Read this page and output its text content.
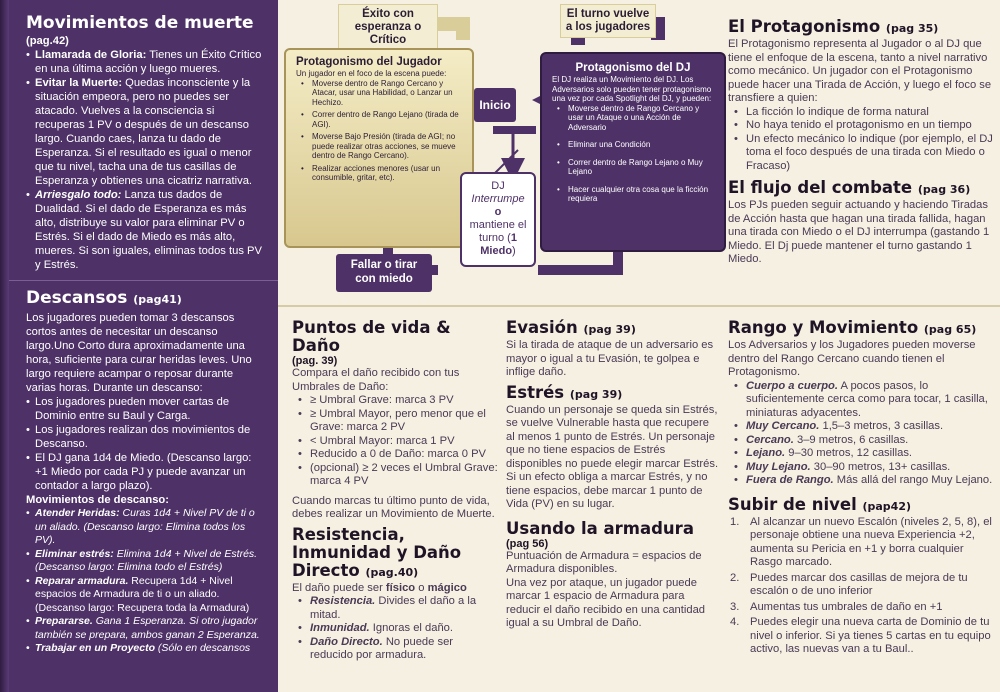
Movimientos de muerte
(pag.42)
• Llamarada de Gloria: Tienes un Éxito Crítico en una última acción y luego mueres.
• Evitar la Muerte: Quedas inconsciente y la situación empeora, pero no puedes ser atacado. Vuelves a la consciencia si recuperas 1 PV o después de un descanso largo. Cuando caes, lanza tu dado de Esperanza. Si el resultado es igual o menor que tu nivel, tacha una de tus casillas de Esperanza y obtienes una cicatriz narrativa.
• Arriesgalo todo: Lanza tus dados de Dualidad. Si el dado de Esperanza es más alto, distribuye su valor para eliminar PV o Estrés. Si el dado de Miedo es más alto, mueres. Si son iguales, eliminas todos tus PV y Estrés.
Descansos (pag41)
Los jugadores pueden tomar 3 descansos cortos antes de necesitar un descanso largo.Uno Corto dura aproximadamente una hora, suficiente para curar heridas leves. Uno largo requiere acampar o reposar durante varias horas. Durante un descanso:
• Los jugadores pueden mover cartas de Dominio entre su Baul y Carga.
• Los jugadores realizan dos movimientos de Descanso.
• El DJ gana 1d4 de Miedo. (Descanso largo: +1 Miedo por cada PJ y puede avanzar un contador a largo plazo).
Movimientos de descanso:
• Atender Heridas: Curas 1d4 + Nivel PV de ti o un aliado. (Descanso largo: Elimina todos los PV).
• Eliminar estrés: Elimina 1d4 + Nivel de Estrés. (Descanso largo: Elimina todo el Estrés)
• Reparar armadura. Recupera 1d4 + Nivel espacios de Armadura de ti o un aliado. (Descanso largo: Recupera toda la Armadura)
• Prepararse. Gana 1 Esperanza. Si otro jugador también se prepara, ambos ganan 2 Esperanza.
• Trabajar en un Proyecto (Sólo en descansos
Éxito con esperanza o Crítico
El turno vuelve a los jugadores
Protagonismo del Jugador
Un jugador en el foco de la escena puede:
• Moverse dentro de Rango Cercano y Atacar, usar una Habilidad, o Lanzar un Hechizo.
• Correr dentro de Rango Lejano (tirada de AGI).
• Moverse Bajo Presión (tirada de AGI; no puede realizar otras acciones, se mueve dentro de Rango Cercano).
• Realizar acciones menores (usar un consumible, gritar, etc).
Inicio
DJ
Interrumpe
o
mantiene el turno (1 Miedo)
Protagonismo del DJ
El DJ realiza un Movimiento del DJ. Los Adversarios solo pueden tener protagonismo una vez por cada Spotlight del DJ, y pueden:
• Moverse dentro de Rango Cercano y usar un Ataque o una Acción de Adversario
• Eliminar una Condición
• Correr dentro de Rango Lejano o Muy Lejano
• Hacer cualquier otra cosa que la ficción requiera
Fallar o tirar con miedo
El Protagonismo (pag 35)
El Protagonismo representa al Jugador o al DJ que tiene el enfoque de la escena, tanto a nivel narrativo como mecánico. Un jugador con el Protagonismo puede hacer una Tirada de Acción, y luego el foco se transfiere a quien:
• La ficción lo indique de forma natural
• No haya tenido el protagonismo en un tiempo
• Un efecto mecánico lo indique (por ejemplo, el DJ toma el foco después de una tirada con Miedo o Fracaso)
El flujo del combate (pag 36)
Los PJs pueden seguir actuando y haciendo Tiradas de Acción hasta que hagan una tirada fallida, hagan una tirada con Miedo o el DJ interrumpa (gastando 1 Miedo. El Dj puede mantener el turno gastando 1 Miedo.
Puntos de vida & Daño
(pag. 39)
Compara el daño recibido con tus Umbrales de Daño:
• ≥ Umbral Grave: marca 3 PV
• ≥ Umbral Mayor, pero menor que el Grave: marca 2 PV
• < Umbral Mayor: marca 1 PV
• Reducido a 0 de Daño: marca 0 PV
• (opcional) ≥ 2 veces el Umbral Grave: marca 4 PV
Cuando marcas tu último punto de vida, debes realizar un Movimiento de Muerte.
Resistencia, Inmunidad y Daño Directo (pag.40)
El daño puede ser físico o mágico
• Resistencia. Divides el daño a la mitad.
• Inmunidad. Ignoras el daño.
• Daño Directo. No puede ser reducido por armadura.
Evasión (pag 39)
Si la tirada de ataque de un adversario es mayor o igual a tu Evasión, te golpea e inflige daño.
Estrés (pag 39)
Cuando un personaje se queda sin Estrés, se vuelve Vulnerable hasta que recupere al menos 1 punto de Estrés. Un personaje que no tiene espacios de Estrés disponibles no puede elegir marcar Estrés. Si un efecto obliga a marcar Estrés, y no tiene espacios, debe marcar 1 punto de Vida (PV) en su lugar.
Usando la armadura
(pag 56)
Puntuación de Armadura = espacios de Armadura disponibles.
Una vez por ataque, un jugador puede marcar 1 espacio de Armadura para reducir el daño recibido en una cantidad igual a su Umbral de Daño.
Rango y Movimiento (pag 65)
Los Adversarios y los Jugadores pueden moverse dentro del Rango Cercano cuando tienen el Protagonismo.
• Cuerpo a cuerpo. A pocos pasos, lo suficientemente cerca como para tocar, 1 casilla, miniaturas adyacentes.
• Muy Cercano. 1,5–3 metros, 3 casillas.
• Cercano. 3–9 metros, 6 casillas.
• Lejano. 9–30 metros, 12 casillas.
• Muy Lejano. 30–90 metros, 13+ casillas.
• Fuera de Rango. Más allá del rango Muy Lejano.
Subir de nivel (pap42)
1. Al alcanzar un nuevo Escalón (niveles 2, 5, 8), el personaje obtiene una nueva Experiencia +2, aumenta su Pericia en +1 y borra cualquier Rasgo marcado.
2. Puedes marcar dos casillas de mejora de tu escalón o de uno inferior
3. Aumentas tus umbrales de daño en +1
4. Puedes elegir una nueva carta de Dominio de tu nivel o inferior. Si ya tienes 5 cartas en tu equipo activo, las nuevas van a tu Baul..
